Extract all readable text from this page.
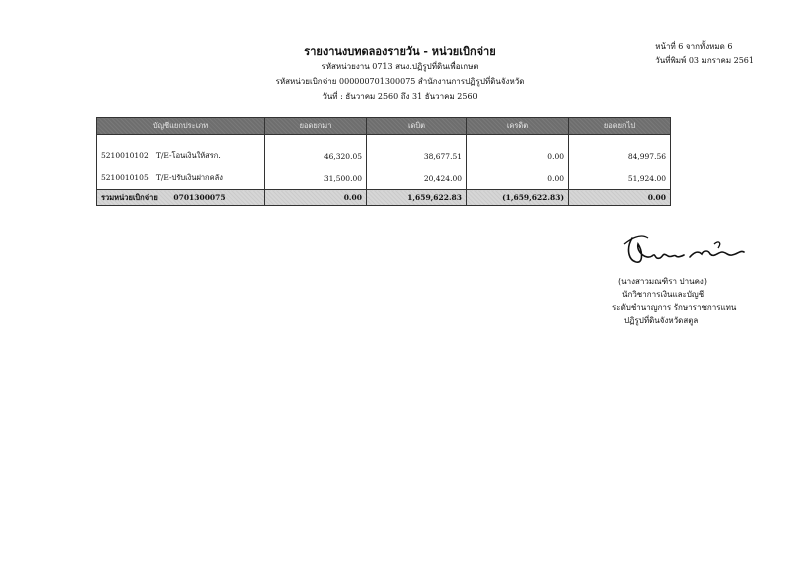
รายงานงบทดลองรายวัน - หน่วยเบิกจ่าย
รหัสหน่วยงาน 0713 สนง.ปฏิรูปที่ดินเพื่อเกษต
รหัสหน่วยเบิกจ่าย 000000701300075 สำนักงานการปฏิรูปที่ดินจังหวัด
วันที่ : ธันวาคม 2560 ถึง 31 ธันวาคม 2560
หน้าที่ 6 จากทั้งหมด 6
วันที่พิมพ์ 03 มกราคม 2561
บัญชีแยกประเภท	ยอดยกมา	เดบิต	เครดิต	ยอดยกไป

5210010102 T/E-โอนเงินให้สรก.	46,320.05	38,677.51	0.00	84,997.56
5210010105 T/E-ปรับเงินฝากคลัง	31,500.00	20,424.00	0.00	51,924.00
รวมหน่วยเบิกจ่าย 0701300075	0.00	1,659,622.83	(1,659,622.83)	0.00
(นางสาวมณฑิรา ปานคง)
นักวิชาการเงินและบัญชี
ระดับชำนาญการ รักษาราชการแทน
ปฏิรูปที่ดินจังหวัดสตูล
